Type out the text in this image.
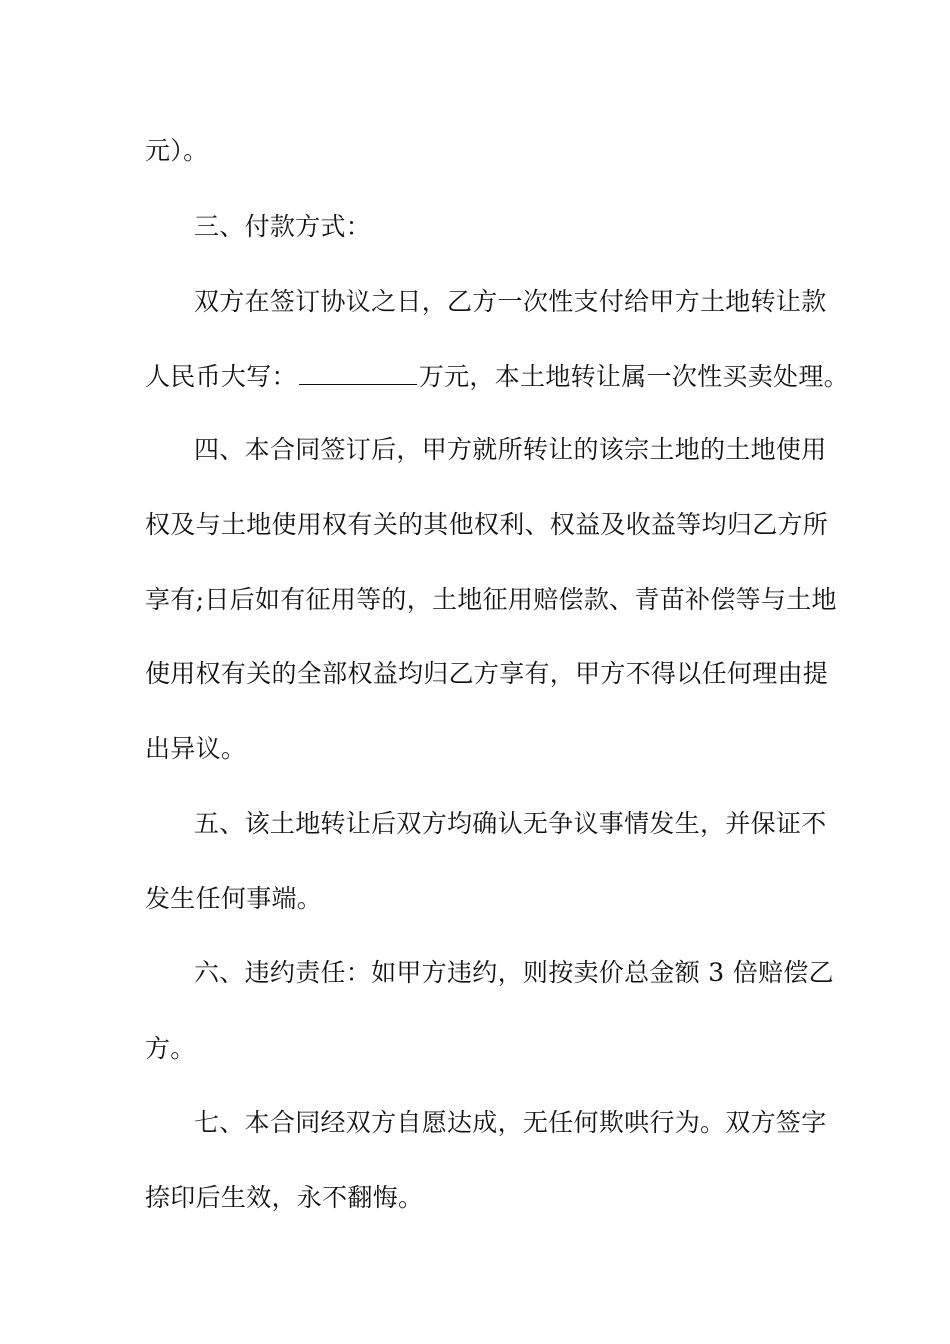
元）。
三、付款方式：
双方在签订协议之日，乙方一次性支付给甲方土地转让款
人民币大写：	万元，本土地转让属一次性买卖处理。
四、本合同签订后，甲方就所转让的该宗土地的土地使用
权及与土地使用权有关的其他权利、权益及收益等均归乙方所
享有;日后如有征用等的，土地征用赔偿款、青苗补偿等与土地
使用权有关的全部权益均归乙方享有，甲方不得以任何理由提
出异议。
五、该土地转让后双方均确认无争议事情发生，并保证不
发生任何事端。
六、违约责任：如甲方违约，则按卖价总金额 3 倍赔偿乙
方。
七、本合同经双方自愿达成，无任何欺哄行为。双方签字
捺印后生效，永不翻悔。
